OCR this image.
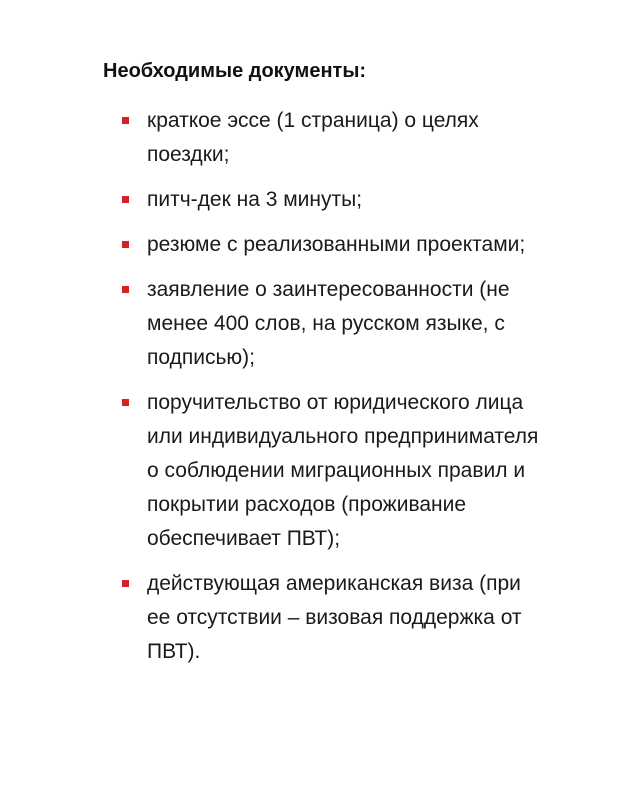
Необходимые документы:
краткое эссе (1 страница) о целях поездки;
питч-дек на 3 минуты;
резюме с реализованными проектами;
заявление о заинтересованности (не менее 400 слов, на русском языке, с подписью);
поручительство от юридического лица или индивидуального предпринимателя о соблюдении миграционных правил и покрытии расходов (проживание обеспечивает ПВТ);
действующая американская виза (при ее отсутствии – визовая поддержка от ПВТ).
